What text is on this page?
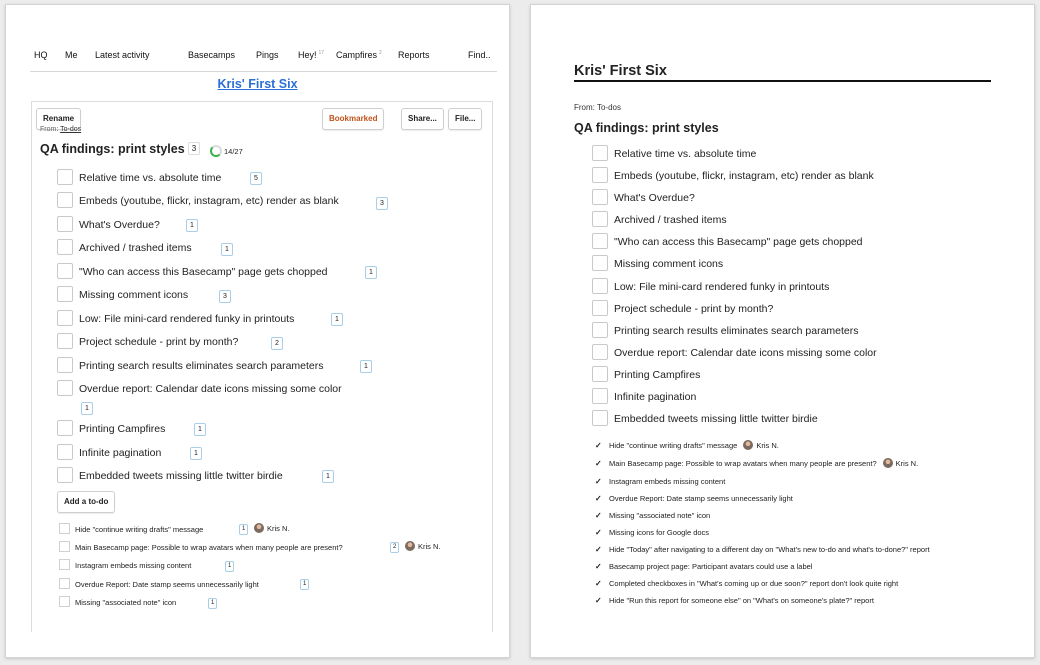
HQ Me Latest activity	Basecamps Pings Hey! $^{17}$ Campfires $^2$ Reports	Find..
Kris' First Six
Rename	Bookmarked	Share...	File...
From: To-dos
QA findings: print styles 3	14/27
Relative time vs. absolute time	5
Embeds (youtube, flickr, instagram, etc) render as blank	3
What's Overdue?	1
Archived / trashed items	1
"Who can access this Basecamp" page gets chopped	1
Missing comment icons	3
Low: File mini-card rendered funky in printouts	1
Project schedule - print by month?	2
Printing search results eliminates search parameters	1
Overdue report: Calendar date icons missing some color
1
Printing Campfires	1
Infinite pagination	1
Embedded tweets missing little twitter birdie	1
Add a to-do
Hide "continue writing drafts" message	1	Kris N.
Main Basecamp page: Possible to wrap avatars when many people are present?	2	Kris N.
Instagram embeds missing content	1
Overdue Report: Date stamp seems unnecessarily light	1
Missing "associated note" icon	1
Kris' First Six
From: To-dos
QA findings: print styles
Relative time vs. absolute time
Embeds (youtube, flickr, instagram, etc) render as blank
What's Overdue?
Archived / trashed items
"Who can access this Basecamp" page gets chopped
Missing comment icons
Low: File mini-card rendered funky in printouts
Project schedule - print by month?
Printing search results eliminates search parameters
Overdue report: Calendar date icons missing some color
Printing Campfires
Infinite pagination
Embedded tweets missing little twitter birdie
✓ Hide "continue writing drafts" message	Kris N.
✓ Main Basecamp page: Possible to wrap avatars when many people are present?	Kris N.
✓ Instagram embeds missing content
✓ Overdue Report: Date stamp seems unnecessarily light
✓ Missing "associated note" icon
✓ Missing icons for Google docs
✓ Hide "Today" after navigating to a different day on "What's new to-do and what's to-done?" report
✓ Basecamp project page: Participant avatars could use a label
✓ Completed checkboxes in "What's coming up or due soon?" report don't look quite right
✓ Hide "Run this report for someone else" on "What's on someone's plate?" report
